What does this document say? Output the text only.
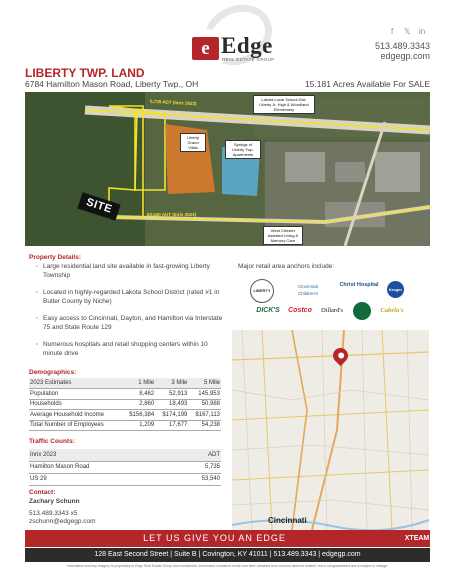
e Edge
REAL ESTATE GROUP
f 𝕏 in
513.489.3343
edgegp.com
LIBERTY TWP. LAND
6784 Hamilton Mason Road, Liberty Twp., OH	15.181 Acres Available For SALE
SITE
5,735 ADT (Inrix 2023)
53,540 ADT (Inrix 2023)
Lakota Local School Dist. Liberty Jr. High & Woodland Elementary
Liberty Grand Villas
Springs of Liberty Twp. Apartments
West Chester Assisted Living & Memory Care
Property Details:
· Large residential land site available in fast-growing Liberty Township
· Located in highly-regarded Lakota School District (rated #1 in Butler County by Niche)
· Easy access to Cincinnati, Dayton, and Hamilton via Interstate 75 and State Route 129
· Numerous hospitals and retail shopping centers within 10 minute drive
Demographics:
2023 Estimates	1 Mile	3 Mile	5 Mile
Population	8,462	52,913	145,953
Households	2,860	18,493	50,988
Average Household Income	$156,384	$174,199	$167,113
Total Number of Employees	1,209	17,677	54,238
Traffic Counts:
Inrix 2023	ADT
Hamilton Mason Road	5,735
US 29	53,540
Contact:
Zachary Schunn
513.489.3343 x5
zschunn@edgegp.com
Major retail area anchors include:
LIBERTY
Cincinnati Children's
Christ Hospital
Kroger
DICK'S	Costco	Dillard's	Cabela's
Cincinnati
LET US GIVE YOU AN EDGE	XTEAM
128 East Second Street | Suite B | Covington, KY 41011 | 513.489.3343 | edgegp.com
Information and any imagery is proprietary to Edge Real Estate Group and confidential. Information contained herein has been obtained from sources deemed reliable, but is not guaranteed and is subject to change.
